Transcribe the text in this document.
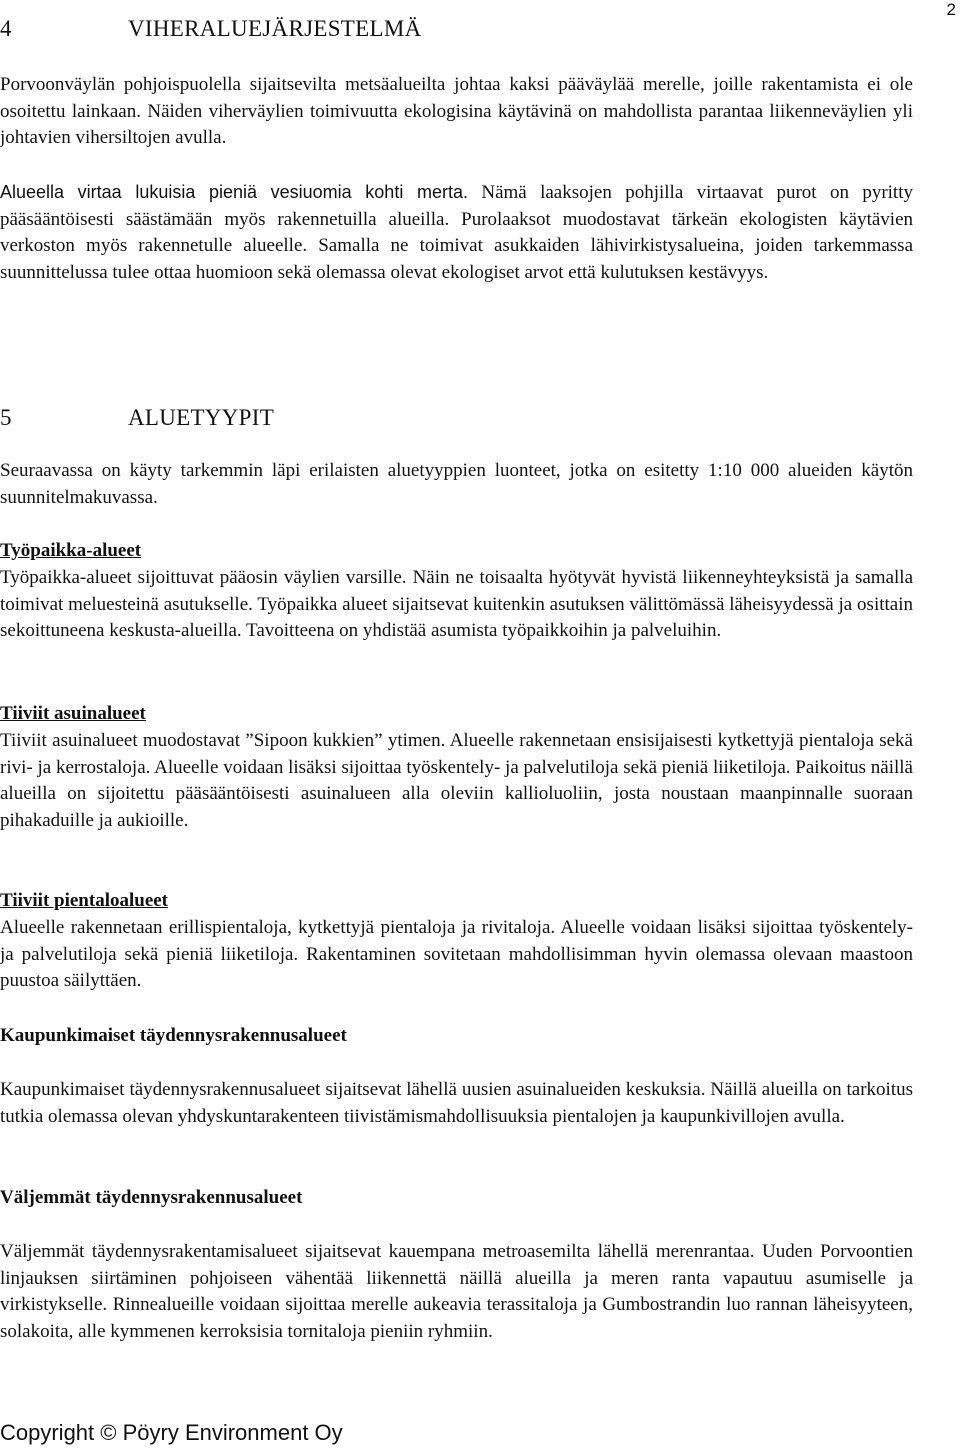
2
4	VIHERALUEJÄRJESTELMÄ

Porvoonväylän pohjoispuolella sijaitsevilta metsäalueilta johtaa kaksi pääväylää merelle, joille rakentamista ei ole osoitettu lainkaan. Näiden viherväylien toimivuutta ekologisina käytävinä on mahdollista parantaa liikenneväylien yli johtavien vihersiltojen avulla.

Alueella virtaa lukuisia pieniä vesiuomia kohti merta. Nämä laaksojen pohjilla virtaavat purot on pyritty pääsääntöisesti säästämään myös rakennetuilla alueilla. Purolaaksot muodostavat tärkeän ekologisten käytävien verkoston myös rakennetulle alueelle. Samalla ne toimivat asukkaiden lähivirkistysalueina, joiden tarkemmassa suunnittelussa tulee ottaa huomioon sekä olemassa olevat ekologiset arvot että kulutuksen kestävyys.

5	ALUETYYPIT

Seuraavassa on käyty tarkemmin läpi erilaisten aluetyyppien luonteet, jotka on esitetty 1:10 000 alueiden käytön suunnitelmakuvassa.

Työpaikka-alueet

Työpaikka-alueet sijoittuvat pääosin väylien varsille. Näin ne toisaalta hyötyvät hyvistä liikenneyhteyksistä ja samalla toimivat meluesteinä asutukselle. Työpaikka alueet sijaitsevat kuitenkin asutuksen välittömässä läheisyydessä ja osittain sekoittuneena keskusta-alueilla. Tavoitteena on yhdistää asumista työpaikkoihin ja palveluihin.

Tiiviit asuinalueet

Tiiviit asuinalueet muodostavat ”Sipoon kukkien” ytimen. Alueelle rakennetaan ensisijaisesti kytkettyjä pientaloja sekä rivi- ja kerrostaloja. Alueelle voidaan lisäksi sijoittaa työskentely- ja palvelutiloja sekä pieniä liiketiloja. Paikoitus näillä alueilla on sijoitettu pääsääntöisesti asuinalueen alla oleviin kallioluoliin, josta noustaan maanpinnalle suoraan pihakaduille ja aukioille.

Tiiviit pientaloalueet

Alueelle rakennetaan erillispientaloja, kytkettyjä pientaloja ja rivitaloja. Alueelle voidaan lisäksi sijoittaa työskentely- ja palvelutiloja sekä pieniä liiketiloja. Rakentaminen sovitetaan mahdollisimman hyvin olemassa olevaan maastoon puustoa säilyttäen.

Kaupunkimaiset täydennysrakennusalueet

Kaupunkimaiset täydennysrakennusalueet sijaitsevat lähellä uusien asuinalueiden keskuksia. Näillä alueilla on tarkoitus tutkia olemassa olevan yhdyskuntarakenteen tiivistämismahdollisuuksia pientalojen ja kaupunkivillojen avulla.

Väljemmät täydennysrakennusalueet

Väljemmät täydennysrakentamisalueet sijaitsevat kauempana metroasemilta lähellä merenrantaa. Uuden Porvoontien linjauksen siirtäminen pohjoiseen vähentää liikennettä näillä alueilla ja meren ranta vapautuu asumiselle ja virkistykselle. Rinnealueille voidaan sijoittaa merelle aukeavia terassitaloja ja Gumbostrandin luo rannan läheisyyteen, solakoita, alle kymmenen kerroksisia tornitaloja pieniin ryhmiin.

Copyright © Pöyry Environment Oy
